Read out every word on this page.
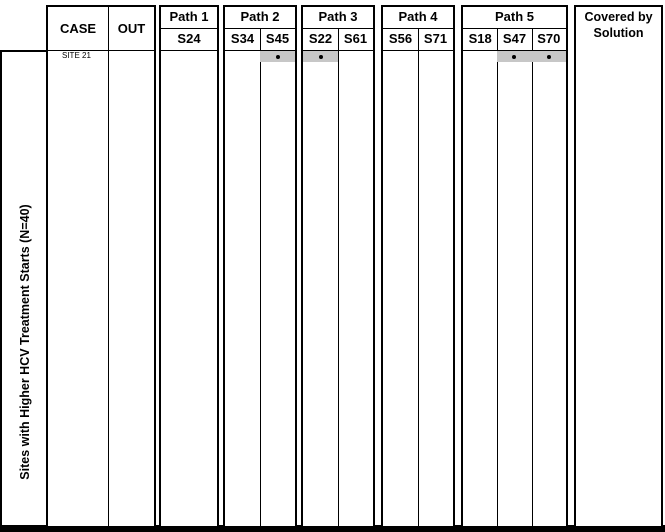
Sites with Higher HCV Treatment Starts (N=40)
CASE	OUT
Path 1
S24
Path 2
S34 S45
Path 3
S22 S61
Path 4
S56 S71
Path 5
S18 S47 S70
Covered by
Solution
SITE 21
